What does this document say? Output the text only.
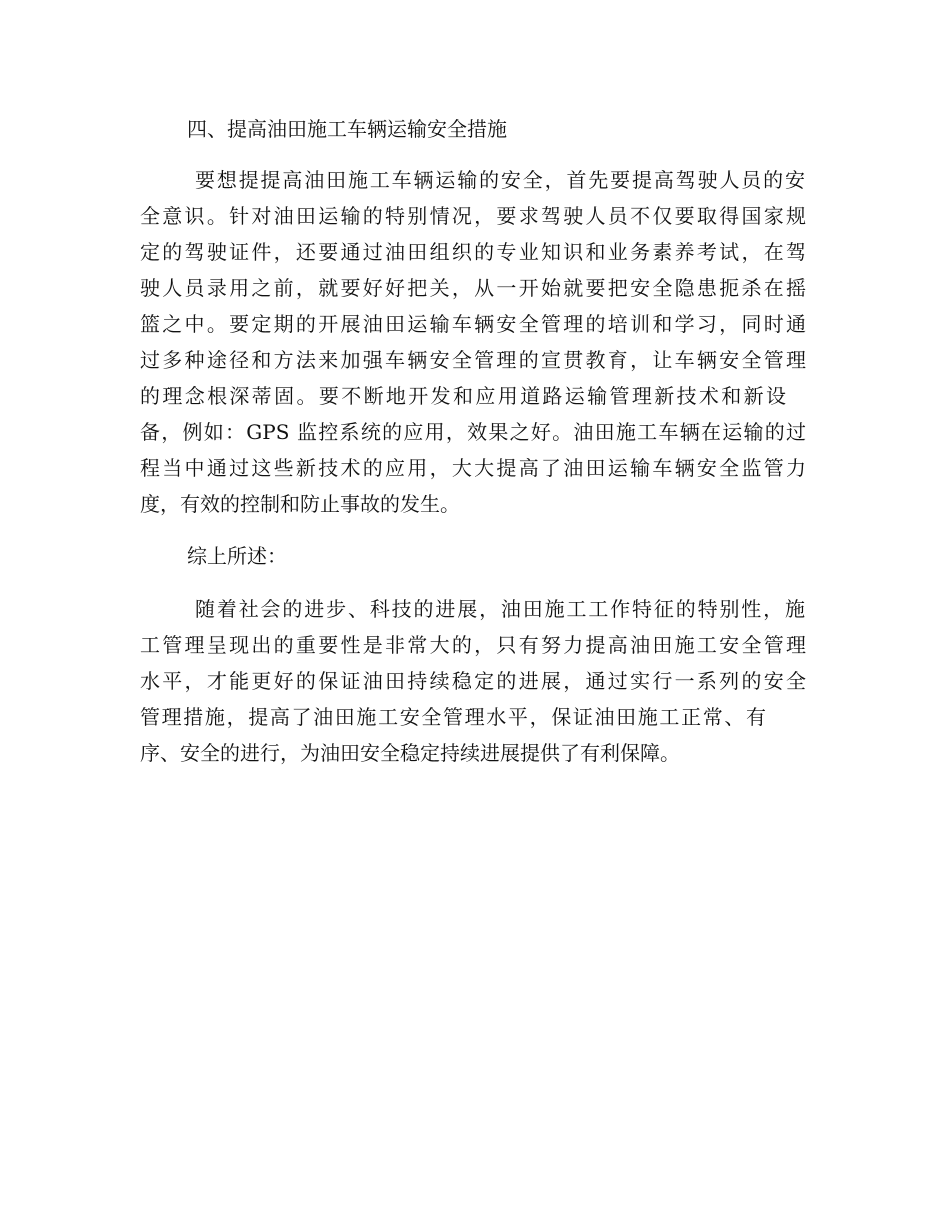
四、提高油田施工车辆运输安全措施
要想提提高油田施工车辆运输的安全，首先要提高驾驶人员的安
全意识。针对油田运输的特别情况，要求驾驶人员不仅要取得国家规
定的驾驶证件，还要通过油田组织的专业知识和业务素养考试，在驾
驶人员录用之前，就要好好把关，从一开始就要把安全隐患扼杀在摇
篮之中。要定期的开展油田运输车辆安全管理的培训和学习，同时通
过多种途径和方法来加强车辆安全管理的宣贯教育，让车辆安全管理
的理念根深蒂固。要不断地开发和应用道路运输管理新技术和新设
备，例如：GPS 监控系统的应用，效果之好。油田施工车辆在运输的过
程当中通过这些新技术的应用，大大提高了油田运输车辆安全监管力
度，有效的控制和防止事故的发生。
综上所述：
随着社会的进步、科技的进展，油田施工工作特征的特别性，施
工管理呈现出的重要性是非常大的，只有努力提高油田施工安全管理
水平，才能更好的保证油田持续稳定的进展，通过实行一系列的安全
管理措施，提高了油田施工安全管理水平，保证油田施工正常、有
序、安全的进行，为油田安全稳定持续进展提供了有利保障。
